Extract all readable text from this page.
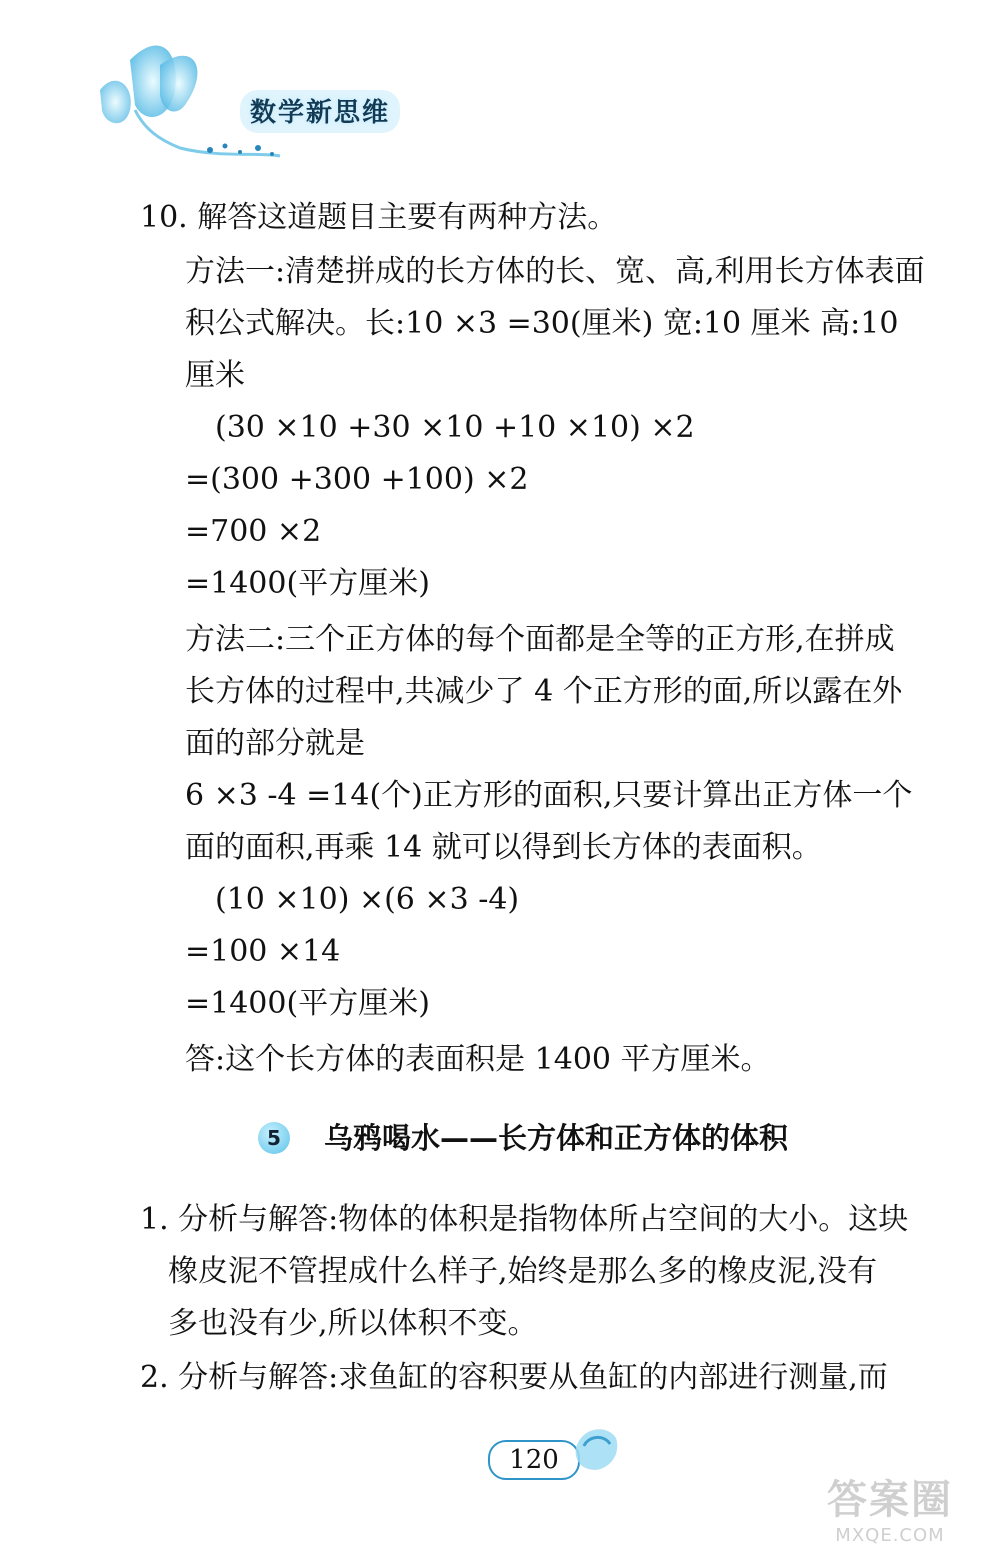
数学新思维
10. 解答这道题目主要有两种方法。
方法一:清楚拼成的长方体的长、宽、高,利用长方体表面
积公式解决。长:10 ×3 =30(厘米) 宽:10 厘米 高:10
厘米
(30 ×10 +30 ×10 +10 ×10) ×2
=(300 +300 +100) ×2
=700 ×2
=1400(平方厘米)
方法二:三个正方体的每个面都是全等的正方形,在拼成
长方体的过程中,共减少了 4 个正方形的面,所以露在外
面的部分就是
6 ×3 -4 =14(个)正方形的面积,只要计算出正方体一个
面的面积,再乘 14 就可以得到长方体的表面积。
(10 ×10) ×(6 ×3 -4)
=100 ×14
=1400(平方厘米)
答:这个长方体的表面积是 1400 平方厘米。
5	乌鸦喝水——长方体和正方体的体积
1. 分析与解答:物体的体积是指物体所占空间的大小。这块
橡皮泥不管捏成什么样子,始终是那么多的橡皮泥,没有
多也没有少,所以体积不变。
2. 分析与解答:求鱼缸的容积要从鱼缸的内部进行测量,而
120
答案圈
MXQE.COM
